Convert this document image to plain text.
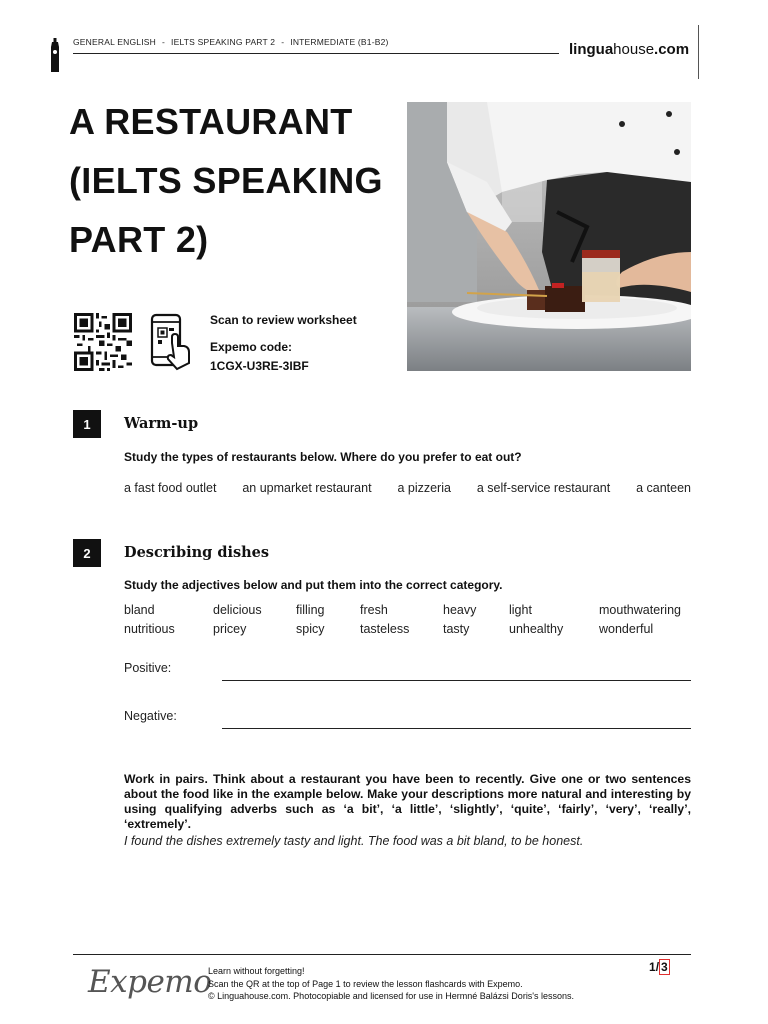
GENERAL ENGLISH - IELTS SPEAKING PART 2 - INTERMEDIATE (B1-B2)	linguahouse.com
A RESTAURANT
(IELTS SPEAKING
PART 2)
Scan to review worksheet
Expemo code:
1CGX-U3RE-3IBF
1	Warm-up
Study the types of restaurants below. Where do you prefer to eat out?
a fast food outlet an upmarket restaurant a pizzeria a self-service restaurant a canteen
2	Describing dishes
Study the adjectives below and put them into the correct category.
bland	delicious	filling	fresh	heavy	light	mouthwatering
nutritious	pricey	spicy	tasteless	tasty	unhealthy	wonderful
Positive:
Negative:
Work in pairs. Think about a restaurant you have been to recently. Give one or two sentences about the food like in the example below. Make your descriptions more natural and interesting by using qualifying adverbs such as ‘a bit’, ‘a little’, ‘slightly’, ‘quite’, ‘fairly’, ‘very’, ‘really’, ‘extremely’.
I found the dishes extremely tasty and light. The food was a bit bland, to be honest.
Expemo
Learn without forgetting!
Scan the QR at the top of Page 1 to review the lesson flashcards with Expemo.
© Linguahouse.com. Photocopiable and licensed for use in Hermné Balázsi Doris's lessons.
1/ 3
